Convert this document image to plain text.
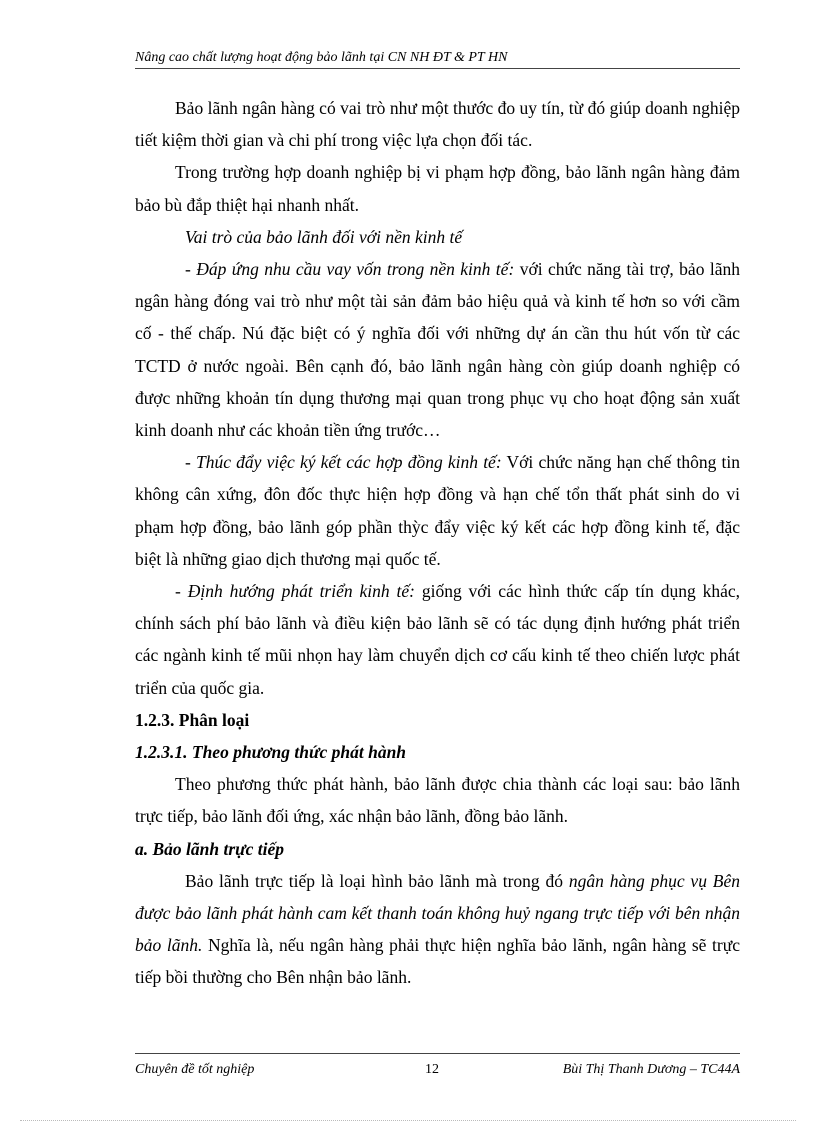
Nâng cao chất lượng hoạt động bảo lãnh tại CN NH ĐT & PT HN

Bảo lãnh ngân hàng có vai trò như một thước đo uy tín, từ đó giúp doanh nghiệp tiết kiệm thời gian và chi phí trong việc lựa chọn đối tác.

Trong trường hợp doanh nghiệp bị vi phạm hợp đồng, bảo lãnh ngân hàng đảm bảo bù đắp thiệt hại nhanh nhất.

Vai trò của bảo lãnh đối với nền kinh tế

- Đáp ứng nhu cầu vay vốn trong nền kinh tế: với chức năng tài trợ, bảo lãnh ngân hàng đóng vai trò như một tài sản đảm bảo hiệu quả và kinh tế hơn so với cầm cố - thế chấp. Nú đặc biệt có ý nghĩa đối với những dự án cần thu hút vốn từ các TCTD ở nước ngoài. Bên cạnh đó, bảo lãnh ngân hàng còn giúp doanh nghiệp có được những khoản tín dụng thương mại quan trong phục vụ cho hoạt động sản xuất kinh doanh như các khoản tiền ứng trước…

- Thúc đẩy việc ký kết các hợp đồng kinh tế: Với chức năng hạn chế thông tin không cân xứng, đôn đốc thực hiện hợp đồng và hạn chế tổn thất phát sinh do vi phạm hợp đồng, bảo lãnh góp phần thỳc đẩy việc ký kết các hợp đồng kinh tế, đặc biệt là những giao dịch thương mại quốc tế.

- Định hướng phát triển kinh tế: giống với các hình thức cấp tín dụng khác, chính sách phí bảo lãnh và điều kiện bảo lãnh sẽ có tác dụng định hướng phát triển các ngành kinh tế mũi nhọn hay làm chuyển dịch cơ cấu kinh tế theo chiến lược phát triển của quốc gia.

1.2.3. Phân loại

1.2.3.1. Theo phương thức phát hành

Theo phương thức phát hành, bảo lãnh được chia thành các loại sau: bảo lãnh trực tiếp, bảo lãnh đối ứng, xác nhận bảo lãnh, đồng bảo lãnh.

a. Bảo lãnh trực tiếp

Bảo lãnh trực tiếp là loại hình bảo lãnh mà trong đó ngân hàng phục vụ Bên được bảo lãnh phát hành cam kết thanh toán không huỷ ngang trực tiếp với bên nhận bảo lãnh. Nghĩa là, nếu ngân hàng phải thực hiện nghĩa bảo lãnh, ngân hàng sẽ trực tiếp bồi thường cho Bên nhận bảo lãnh.

Chuyên đề tốt nghiệp	12	Bùi Thị Thanh Dương – TC44A
